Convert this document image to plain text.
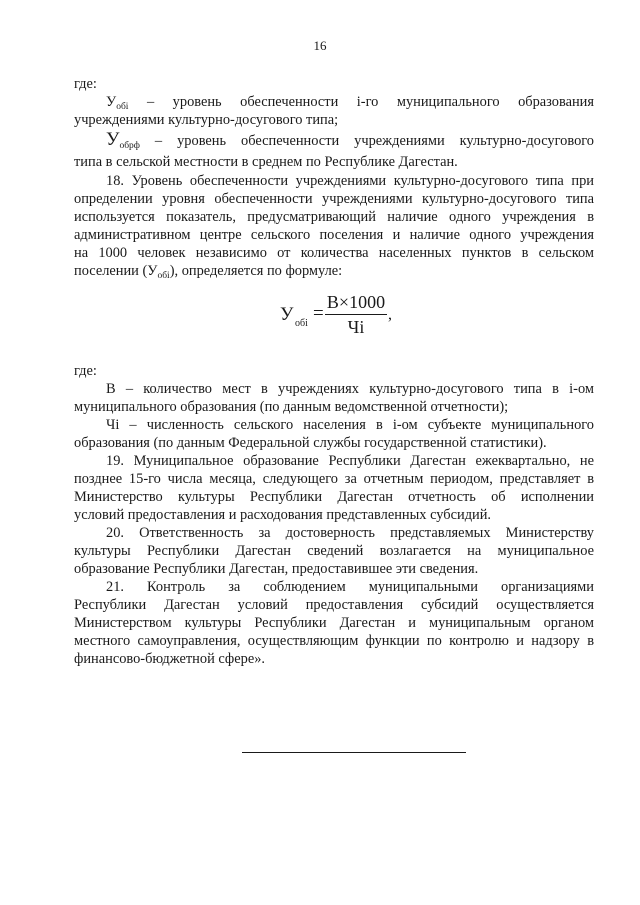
16

где:

$У_{обі}$ – уровень обеспеченности і-го муниципального образования

учреждениями культурно-досугового типа;

$У_{обрф}$ – уровень обеспеченности учреждениями культурно-досугового

типа в сельской местности в среднем по Республике Дагестан.

18. Уровень обеспеченности учреждениями культурно-досугового типа при

определении уровня обеспеченности учреждениями культурно-досугового типа

используется показатель, предусматривающий наличие одного учреждения в

административном центре сельского поселения и наличие одного учреждения

на 1000 человек независимо от количества населенных пунктов в сельском

поселении $(У_{обі})$, определяется по формуле:

У обі =
В×1000
Чі
,

где:

В – количество мест в учреждениях культурно-досугового типа в і-ом

муниципального образования (по данным ведомственной отчетности);

Чі – численность сельского населения в і-ом субъекте муниципального

образования (по данным Федеральной службы государственной статистики).

19. Муниципальное образование Республики Дагестан ежеквартально, не

позднее 15-го числа месяца, следующего за отчетным периодом, представляет в

Министерство культуры Республики Дагестан отчетность об исполнении

условий предоставления и расходования представленных субсидий.

20. Ответственность за достоверность представляемых Министерству

культуры Республики Дагестан сведений возлагается на муниципальное

образование Республики Дагестан, предоставившее эти сведения.

21. Контроль за соблюдением муниципальными организациями

Республики Дагестан условий предоставления субсидий осуществляется

Министерством культуры Республики Дагестан и муниципальным органом

местного самоуправления, осуществляющим функции по контролю и надзору в

финансово-бюджетной сфере».
